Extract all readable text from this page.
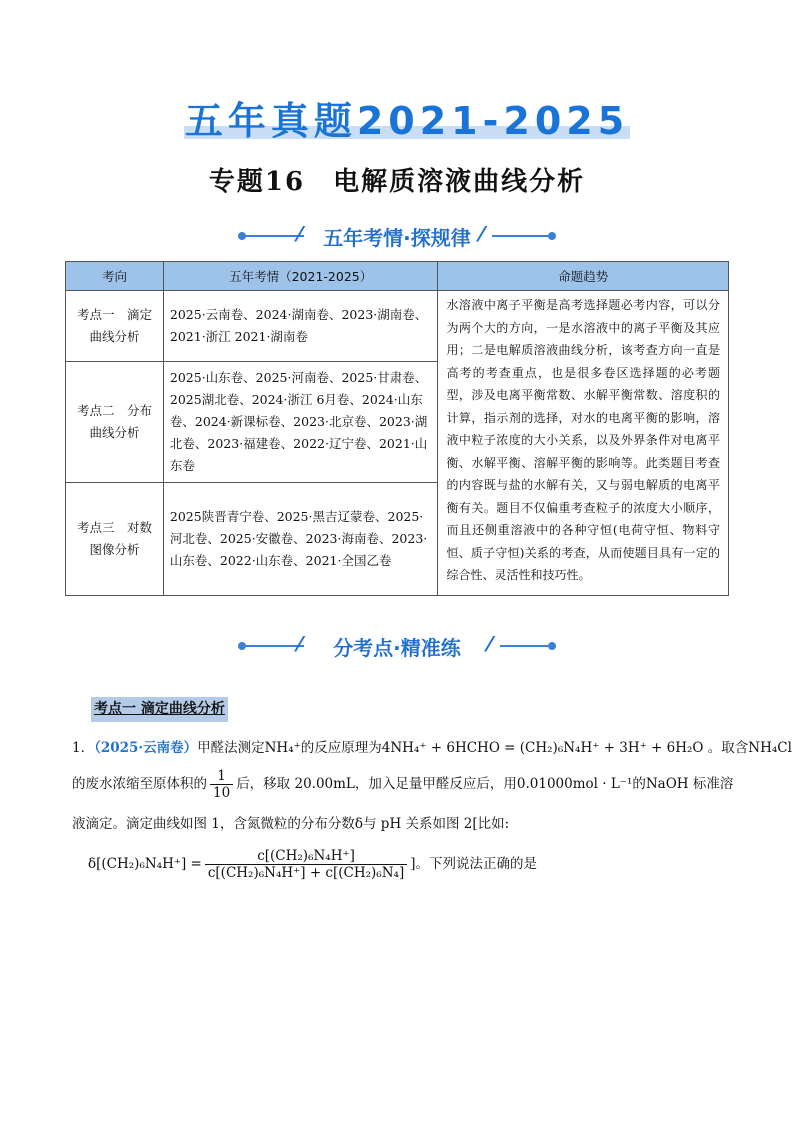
五年真题2021-2025
专题16　电解质溶液曲线分析
⁄	五年考情·探规律 ⁄
考向	五年考情（2021-2025）	命题趋势
考点一　滴定曲线分析	2025·云南卷、2024·湖南卷、2023·湖南卷、2021·浙江 2021·湖南卷	水溶液中离子平衡是高考选择题必考内容，可以分为两个大的方向，一是水溶液中的离子平衡及其应用；二是电解质溶液曲线分析，该考查方向一直是高考的考查重点，也是很多卷区选择题的必考题型，涉及电离平衡常数、水解平衡常数、溶度积的计算，指示剂的选择，对水的电离平衡的影响，溶液中粒子浓度的大小关系，以及外界条件对电离平衡、水解平衡、溶解平衡的影响等。此类题目考查的内容既与盐的水解有关，又与弱电解质的电离平衡有关。题目不仅偏重考查粒子的浓度大小顺序，而且还侧重溶液中的各种守恒(电荷守恒、物料守恒、质子守恒)关系的考查，从而使题目具有一定的综合性、灵活性和技巧性。
考点二　分布曲线分析	2025·山东卷、2025·河南卷、2025·甘肃卷、2025湖北卷、2024·浙江 6月卷、2024·山东卷、2024·新课标卷、2023·北京卷、2023·湖北卷、2023·福建卷、2022·辽宁卷、2021·山东卷	
考点三　对数图像分析	2025陕晋青宁卷、2025·黑吉辽蒙卷、2025·河北卷、2025·安徽卷、2023·海南卷、2023·山东卷、2022·山东卷、2021·全国乙卷	
⁄	分考点·精准练	⁄
考点一 滴定曲线分析
1．（2025·云南卷）甲醛法测定NH₄⁺的反应原理为4NH₄⁺ + 6HCHO = (CH₂)₆N₄H⁺ + 3H⁺ + 6H₂O 。取含NH₄Cl
的废水浓缩至原体积的 $\frac{1}{10}$ 后，移取 20.00mL，加入足量甲醛反应后，用0.01000mol · L⁻¹的NaOH 标准溶
液滴定。滴定曲线如图 1，含氮微粒的分布分数δ与 pH 关系如图 2[比如:
$\delta[(CH_2)_6N_4H^+] = \frac{\text{c[(CH₂)₆N₄H⁺]}}{\text{c[(CH₂)₆N₄H⁺] + c[(CH₂)₆N₄]}}$ ]。下列说法正确的是
